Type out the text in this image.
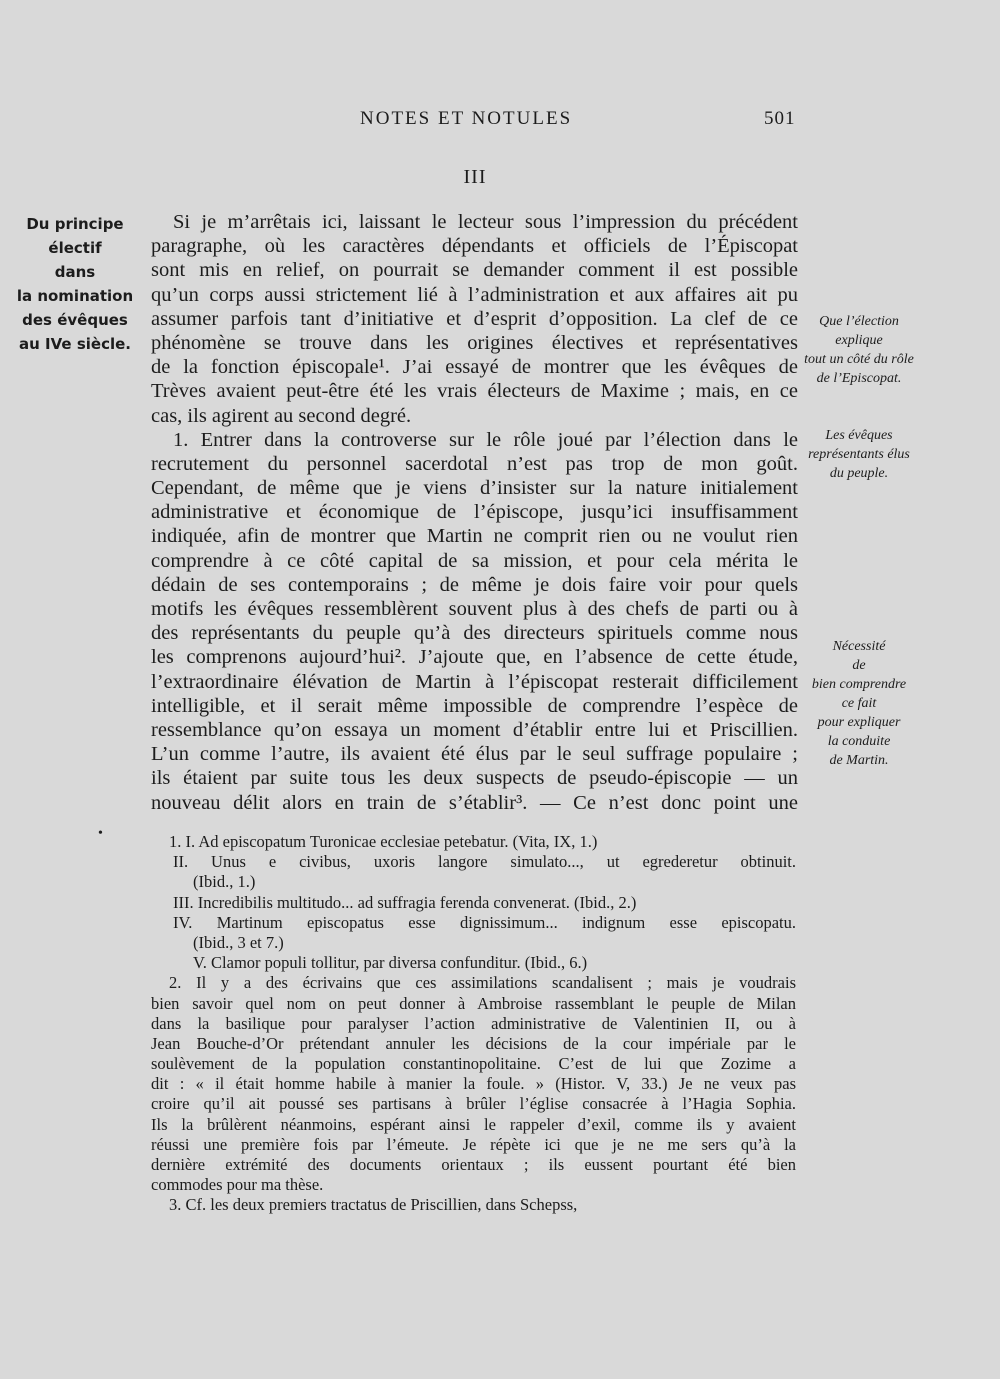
NOTES ET NOTULES	501
III
Du principe
électif
dans
la nomination
des évêques
au IVe siècle.
Si je m’arrêtais ici, laissant le lecteur sous l’impression du précédent
paragraphe, où les caractères dépendants et officiels de l’Épiscopat
sont mis en relief, on pourrait se demander comment il est possible
qu’un corps aussi strictement lié à l’administration et aux affaires ait pu
assumer parfois tant d’initiative et d’esprit d’opposition. La clef de ce
phénomène se trouve dans les origines électives et représentatives
de la fonction épiscopale¹. J’ai essayé de montrer que les évêques de
Trèves avaient peut-être été les vrais électeurs de Maxime ; mais, en ce
cas, ils agirent au second degré.
1. Entrer dans la controverse sur le rôle joué par l’élection dans le
recrutement du personnel sacerdotal n’est pas trop de mon goût.
Cependant, de même que je viens d’insister sur la nature initialement
administrative et économique de l’épiscope, jusqu’ici insuffisamment
indiquée, afin de montrer que Martin ne comprit rien ou ne voulut rien
comprendre à ce côté capital de sa mission, et pour cela mérita le
dédain de ses contemporains ; de même je dois faire voir pour quels
motifs les évêques ressemblèrent souvent plus à des chefs de parti ou à
des représentants du peuple qu’à des directeurs spirituels comme nous
les comprenons aujourd’hui². J’ajoute que, en l’absence de cette étude,
l’extraordinaire élévation de Martin à l’épiscopat resterait difficilement
intelligible, et il serait même impossible de comprendre l’espèce de
ressemblance qu’on essaya un moment d’établir entre lui et Priscillien.
L’un comme l’autre, ils avaient été élus par le seul suffrage populaire ;
ils étaient par suite tous les deux suspects de pseudo-épiscopie — un
nouveau délit alors en train de s’établir³. — Ce n’est donc point une
Que l’élection
explique
tout un côté du rôle
de l’Episcopat.
Les évêques
représentants élus
du peuple.
Nécessité
de
bien comprendre
ce fait
pour expliquer
la conduite
de Martin.
•	1. I. Ad episcopatum Turonicae ecclesiae petebatur. (Vita, IX, 1.)
II. Unus e civibus, uxoris langore simulato..., ut egrederetur obtinuit.
(Ibid., 1.)
III. Incredibilis multitudo... ad suffragia ferenda convenerat. (Ibid., 2.)
IV. Martinum episcopatus esse dignissimum... indignum esse episcopatu.
(Ibid., 3 et 7.)
V. Clamor populi tollitur, par diversa confunditur. (Ibid., 6.)
2. Il y a des écrivains que ces assimilations scandalisent ; mais je voudrais
bien savoir quel nom on peut donner à Ambroise rassemblant le peuple de Milan
dans la basilique pour paralyser l’action administrative de Valentinien II, ou à
Jean Bouche-d’Or prétendant annuler les décisions de la cour impériale par le
soulèvement de la population constantinopolitaine. C’est de lui que Zozime a
dit : « il était homme habile à manier la foule. » (Histor. V, 33.) Je ne veux pas
croire qu’il ait poussé ses partisans à brûler l’église consacrée à l’Hagia Sophia.
Ils la brûlèrent néanmoins, espérant ainsi le rappeler d’exil, comme ils y avaient
réussi une première fois par l’émeute. Je répète ici que je ne me sers qu’à la
dernière extrémité des documents orientaux ; ils eussent pourtant été bien
commodes pour ma thèse.
3. Cf. les deux premiers tractatus de Priscillien, dans Schepss,
